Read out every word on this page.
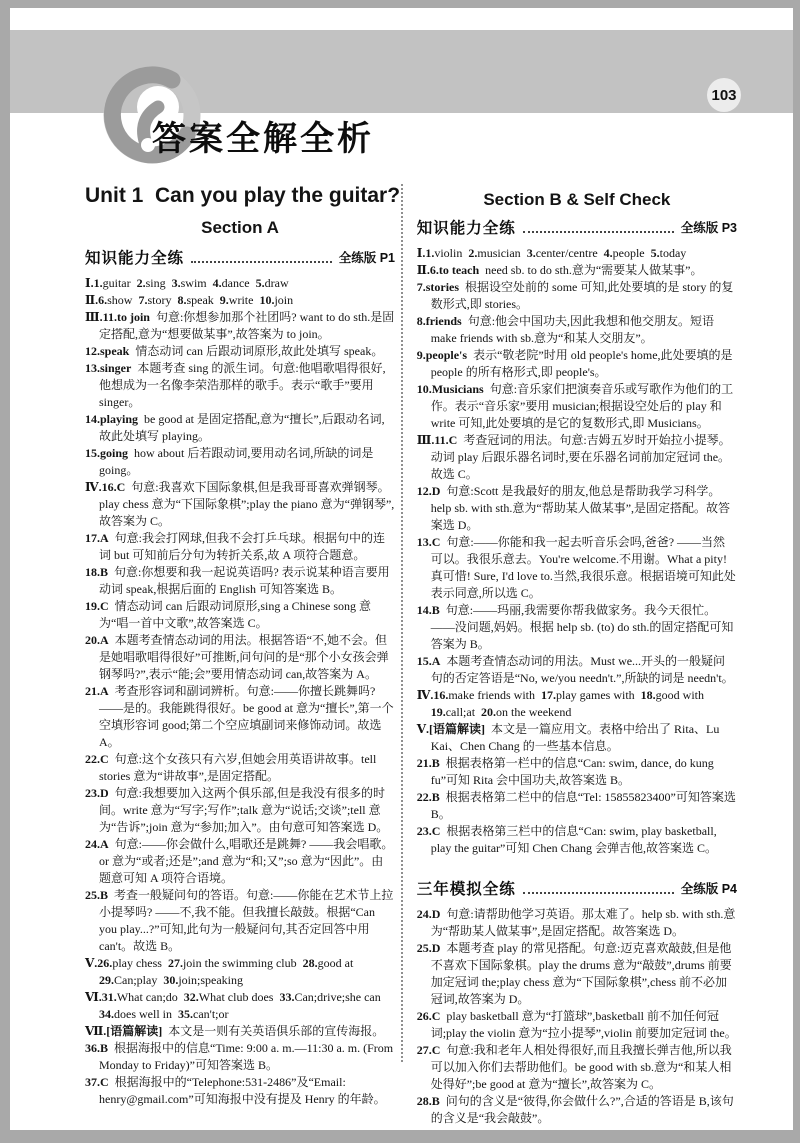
103
答案全解全析
Unit 1  Can you play the guitar?
Section A
知识能力全练	全练版 P1
Ⅰ.1.guitar  2.sing  3.swim  4.dance  5.draw
Ⅱ.6.show  7.story  8.speak  9.write  10.join
Ⅲ.11.to join  句意:你想参加那个社团吗? want to do sth.是固定搭配,意为“想要做某事”,故答案为 to join。
12.speak  情态动词 can 后跟动词原形,故此处填写 speak。
13.singer  本题考查 sing 的派生词。句意:他唱歌唱得很好,他想成为一名像李荣浩那样的歌手。表示“歌手”要用 singer。
14.playing  be good at 是固定搭配,意为“擅长”,后跟动名词,故此处填写 playing。
15.going  how about 后若跟动词,要用动名词,所缺的词是 going。
Ⅳ.16.C  句意:我喜欢下国际象棋,但是我哥哥喜欢弹钢琴。play chess 意为“下国际象棋”;play the piano 意为“弹钢琴”,故答案为 C。
17.A  句意:我会打网球,但我不会打乒乓球。根据句中的连词 but 可知前后分句为转折关系,故 A 项符合题意。
18.B  句意:你想要和我一起说英语吗? 表示说某种语言要用动词 speak,根据后面的 English 可知答案选 B。
19.C  情态动词 can 后跟动词原形,sing a Chinese song 意为“唱一首中文歌”,故答案选 C。
20.A  本题考查情态动词的用法。根据答语“不,她不会。但是她唱歌唱得很好”可推断,问句问的是“那个小女孩会弹钢琴吗?”,表示“能;会”要用情态动词 can,故答案为 A。
21.A  考查形容词和副词辨析。句意:——你擅长跳舞吗? ——是的。我能跳得很好。be good at 意为“擅长”,第一个空填形容词 good;第二个空应填副词来修饰动词。故选 A。
22.C  句意:这个女孩只有六岁,但她会用英语讲故事。tell stories 意为“讲故事”,是固定搭配。
23.D  句意:我想要加入这两个俱乐部,但是我没有很多的时间。write 意为“写字;写作”;talk 意为“说话;交谈”;tell 意为“告诉”;join 意为“参加;加入”。由句意可知答案选 D。
24.A  句意:——你会做什么,唱歌还是跳舞? ——我会唱歌。or 意为“或者;还是”;and 意为“和;又”;so 意为“因此”。由题意可知 A 项符合语境。
25.B  考查一般疑问句的答语。句意:——你能在艺术节上拉小提琴吗? ——不,我不能。但我擅长敲鼓。根据“Can you play...?”可知,此句为一般疑问句,其否定回答中用 can't。故选 B。
Ⅴ.26.play chess  27.join the swimming club  28.good at  29.Can;play  30.join;speaking
Ⅵ.31.What can;do  32.What club does  33.Can;drive;she can  34.does well in  35.can't;or
Ⅶ.[语篇解读]  本文是一则有关英语俱乐部的宣传海报。
36.B  根据海报中的信息“Time: 9:00 a. m.—11:30 a. m. (From Monday to Friday)”可知答案选 B。
37.C  根据海报中的“Telephone:531-2486”及“Email: henry@gmail.com”可知海报中没有提及 Henry 的年龄。
Section B & Self Check
知识能力全练	全练版 P3
Ⅰ.1.violin  2.musician  3.center/centre  4.people  5.today
Ⅱ.6.to teach  need sb. to do sth.意为“需要某人做某事”。
7.stories  根据设空处前的 some 可知,此处要填的是 story 的复数形式,即 stories。
8.friends  句意:他会中国功夫,因此我想和他交朋友。短语 make friends with sb.意为“和某人交朋友”。
9.people's  表示“敬老院”时用 old people's home,此处要填的是 people 的所有格形式,即 people's。
10.Musicians  句意:音乐家们把演奏音乐或写歌作为他们的工作。表示“音乐家”要用 musician;根据设空处后的 play 和 write 可知,此处要填的是它的复数形式,即 Musicians。
Ⅲ.11.C  考查冠词的用法。句意:吉姆五岁时开始拉小提琴。动词 play 后跟乐器名词时,要在乐器名词前加定冠词 the。故选 C。
12.D  句意:Scott 是我最好的朋友,他总是帮助我学习科学。help sb. with sth.意为“帮助某人做某事”,是固定搭配。故答案选 D。
13.C  句意:——你能和我一起去听音乐会吗,爸爸? ——当然可以。我很乐意去。You're welcome.不用谢。What a pity! 真可惜! Sure, I'd love to.当然,我很乐意。根据语境可知此处表示同意,所以选 C。
14.B  句意:——玛丽,我需要你帮我做家务。我今天很忙。——没问题,妈妈。根据 help sb. (to) do sth.的固定搭配可知答案为 B。
15.A  本题考查情态动词的用法。Must we...开头的一般疑问句的否定答语是“No, we/you needn't.”,所缺的词是 needn't。
Ⅳ.16.make friends with  17.play games with  18.good with  19.call;at  20.on the weekend
Ⅴ.[语篇解读]  本文是一篇应用文。表格中给出了 Rita、Lu Kai、Chen Chang 的一些基本信息。
21.B  根据表格第一栏中的信息“Can: swim, dance, do kung fu”可知 Rita 会中国功夫,故答案选 B。
22.B  根据表格第二栏中的信息“Tel: 15855823400”可知答案选 B。
23.C  根据表格第三栏中的信息“Can: swim, play basketball, play the guitar”可知 Chen Chang 会弹吉他,故答案选 C。
三年模拟全练	全练版 P4
24.D  句意:请帮助他学习英语。那太难了。help sb. with sth.意为“帮助某人做某事”,是固定搭配。故答案选 D。
25.D  本题考查 play 的常见搭配。句意:迈克喜欢敲鼓,但是他不喜欢下国际象棋。play the drums 意为“敲鼓”,drums 前要加定冠词 the;play chess 意为“下国际象棋”,chess 前不必加冠词,故答案为 D。
26.C  play basketball 意为“打篮球”,basketball 前不加任何冠词;play the violin 意为“拉小提琴”,violin 前要加定冠词 the。
27.C  句意:我和老年人相处得很好,而且我擅长弹吉他,所以我可以加入你们去帮助他们。be good with sb.意为“和某人相处得好”;be good at 意为“擅长”,故答案为 C。
28.B  问句的含义是“彼得,你会做什么?”,合适的答语是 B,该句的含义是“我会敲鼓”。
